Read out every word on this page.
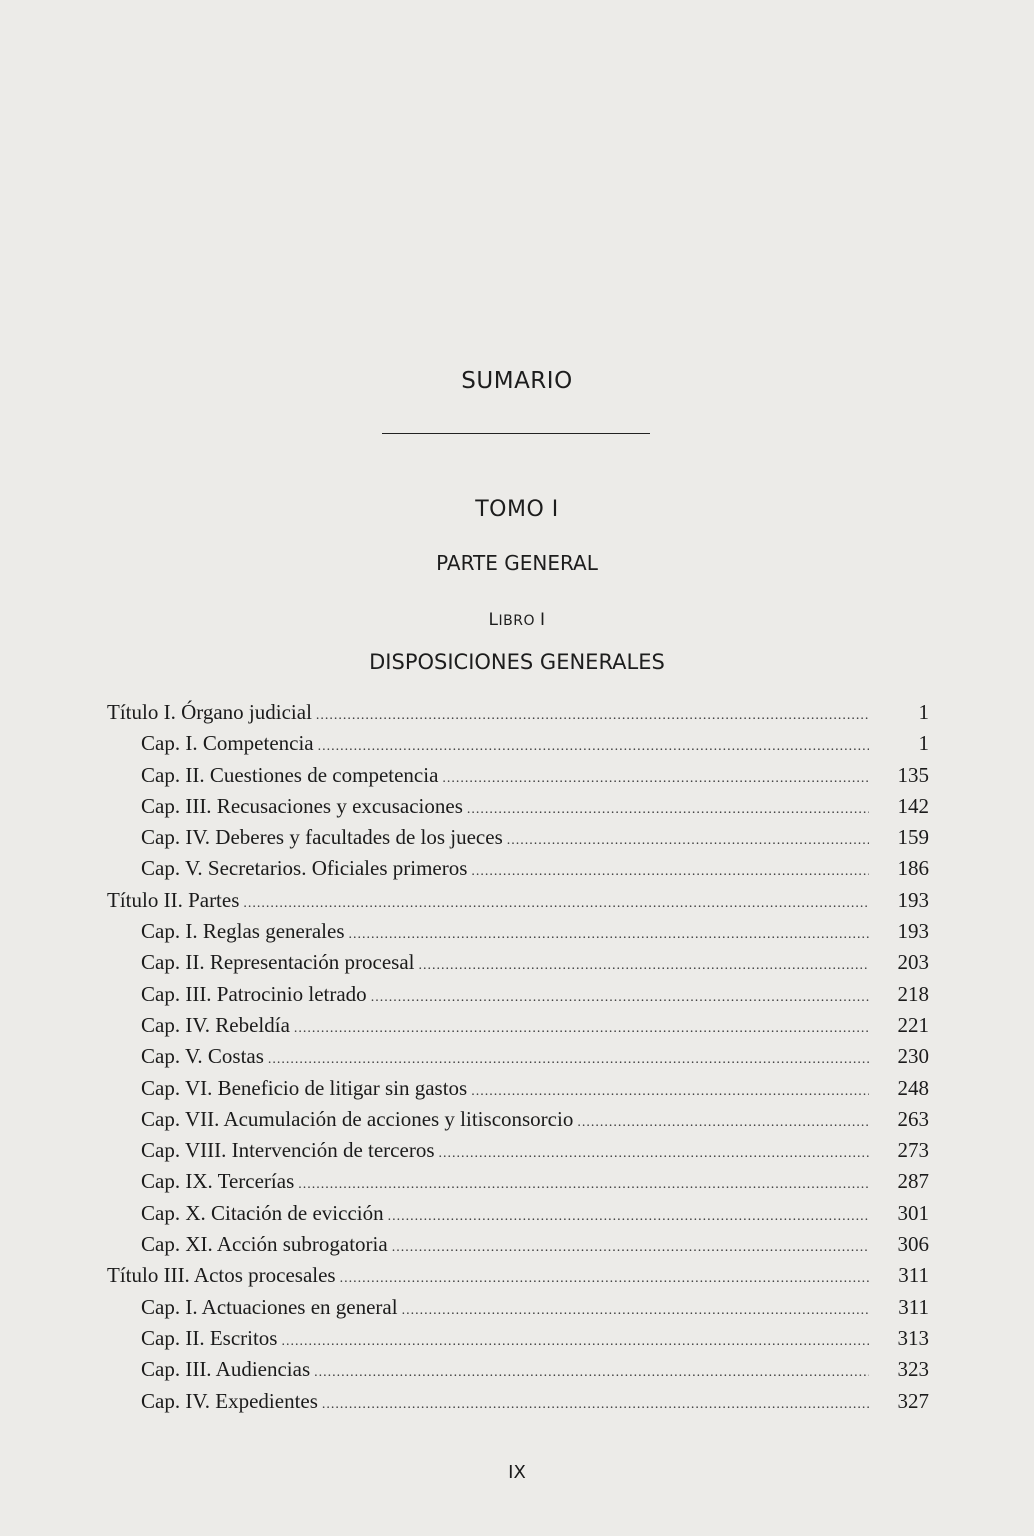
SUMARIO
TOMO I
PARTE GENERAL
LIBRO I
DISPOSICIONES GENERALES
Título I. Órgano judicial .....	1
Cap. I. Competencia .....	1
Cap. II. Cuestiones de competencia .....	135
Cap. III. Recusaciones y excusaciones .....	142
Cap. IV. Deberes y facultades de los jueces .....	159
Cap. V. Secretarios. Oficiales primeros .....	186
Título II. Partes .....	193
Cap. I. Reglas generales .....	193
Cap. II. Representación procesal .....	203
Cap. III. Patrocinio letrado .....	218
Cap. IV. Rebeldía .....	221
Cap. V. Costas .....	230
Cap. VI. Beneficio de litigar sin gastos .....	248
Cap. VII. Acumulación de acciones y litisconsorcio .....	263
Cap. VIII. Intervención de terceros .....	273
Cap. IX. Tercerías .....	287
Cap. X. Citación de evicción .....	301
Cap. XI. Acción subrogatoria .....	306
Título III. Actos procesales .....	311
Cap. I. Actuaciones en general .....	311
Cap. II. Escritos .....	313
Cap. III. Audiencias .....	323
Cap. IV. Expedientes .....	327
IX
